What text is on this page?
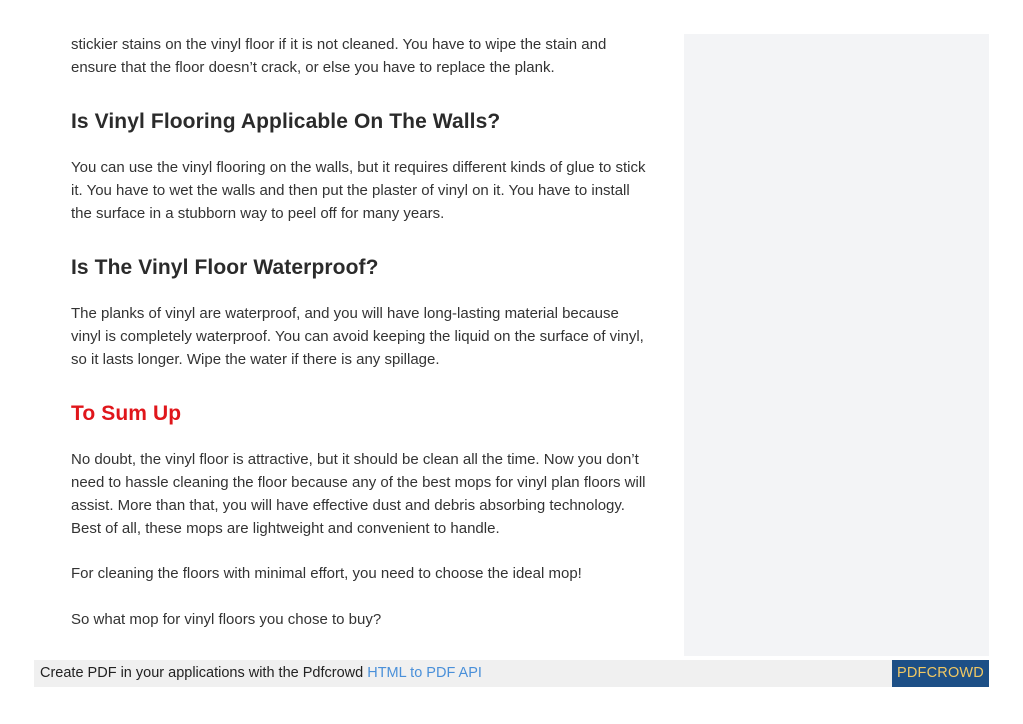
stickier stains on the vinyl floor if it is not cleaned. You have to wipe the stain and ensure that the floor doesn’t crack, or else you have to replace the plank.

Is Vinyl Flooring Applicable On The Walls?

You can use the vinyl flooring on the walls, but it requires different kinds of glue to stick it. You have to wet the walls and then put the plaster of vinyl on it. You have to install the surface in a stubborn way to peel off for many years.

Is The Vinyl Floor Waterproof?

The planks of vinyl are waterproof, and you will have long-lasting material because vinyl is completely waterproof. You can avoid keeping the liquid on the surface of vinyl, so it lasts longer. Wipe the water if there is any spillage.

To Sum Up

No doubt, the vinyl floor is attractive, but it should be clean all the time. Now you don’t need to hassle cleaning the floor because any of the best mops for vinyl plan floors will assist. More than that, you will have effective dust and debris absorbing technology. Best of all, these mops are lightweight and convenient to handle.

For cleaning the floors with minimal effort, you need to choose the ideal mop!

So what mop for vinyl floors you chose to buy?

Create PDF in your applications with the Pdfcrowd HTML to PDF API	PDFCROWD
